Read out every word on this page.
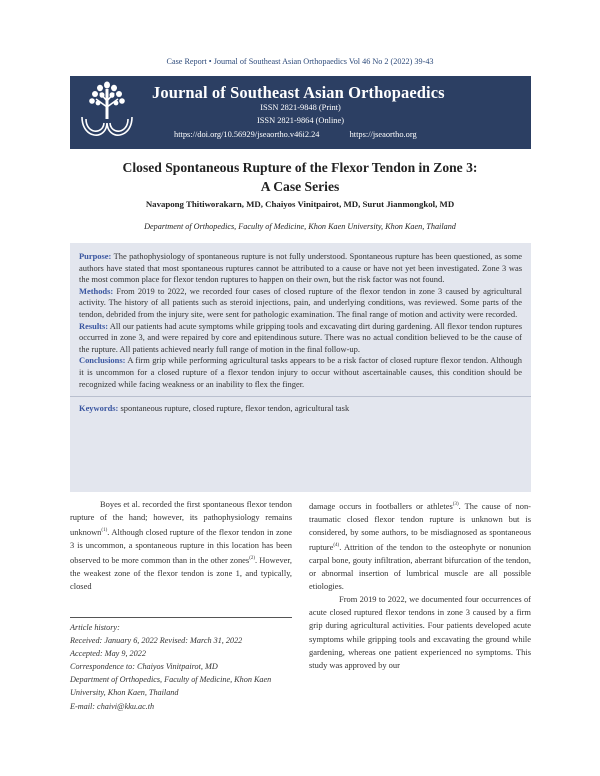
Case Report • Journal of Southeast Asian Orthopaedics Vol 46 No 2 (2022) 39-43
Journal of Southeast Asian Orthopaedics
ISSN 2821-9848 (Print)
ISSN 2821-9864 (Online)
https://doi.org/10.56929/jseaortho.v46i2.24	https://jseaortho.org
Closed Spontaneous Rupture of the Flexor Tendon in Zone 3:
A Case Series
Navapong Thitiworakarn, MD, Chaiyos Vinitpairot, MD, Surut Jianmongkol, MD
Department of Orthopedics, Faculty of Medicine, Khon Kaen University, Khon Kaen, Thailand

Purpose: The pathophysiology of spontaneous rupture is not fully understood. Spontaneous rupture has been questioned, as some authors have stated that most spontaneous ruptures cannot be attributed to a cause or have not yet been investigated. Zone 3 was the most common place for flexor tendon ruptures to happen on their own, but the risk factor was not found.

Methods: From 2019 to 2022, we recorded four cases of closed rupture of the flexor tendon in zone 3 caused by agricultural activity. The history of all patients such as steroid injections, pain, and underlying conditions, was reviewed. Some parts of the tendon, debrided from the injury site, were sent for pathologic examination. The final range of motion and activity were recorded.

Results: All our patients had acute symptoms while gripping tools and excavating dirt during gardening. All flexor tendon ruptures occurred in zone 3, and were repaired by core and epitendinous suture. There was no actual condition believed to be the cause of the rupture. All patients achieved nearly full range of motion in the final follow-up.

Conclusions: A firm grip while performing agricultural tasks appears to be a risk factor of closed rupture flexor tendon. Although it is uncommon for a closed rupture of a flexor tendon injury to occur without ascertainable causes, this condition should be recognized while facing weakness or an inability to flex the finger.

Keywords: spontaneous rupture, closed rupture, flexor tendon, agricultural task

Boyes et al. recorded the first spontaneous flexor tendon rupture of the hand; however, its pathophysiology remains unknown$^{(1)}$. Although closed rupture of the flexor tendon in zone 3 is uncommon, a spontaneous rupture in this location has been observed to be more common than in the other zones$^{(2)}$. However, the weakest zone of the flexor tendon is zone 1, and typically, closed

Article history:
Received: January 6, 2022 Revised: March 31, 2022
Accepted: May 9, 2022
Correspondence to: Chaiyos Vinitpairot, MD
Department of Orthopedics, Faculty of Medicine, Khon Kaen University, Khon Kaen, Thailand
E-mail: chaivi@kku.ac.th

damage occurs in footballers or athletes$^{(3)}$. The cause of non-traumatic closed flexor tendon rupture is unknown but is considered, by some authors, to be misdiagnosed as spontaneous rupture$^{(4)}$. Attrition of the tendon to the osteophyte or nonunion carpal bone, gouty infiltration, aberrant bifurcation of the tendon, or abnormal insertion of lumbrical muscle are all possible etiologies.

From 2019 to 2022, we documented four occurrences of acute closed ruptured flexor tendons in zone 3 caused by a firm grip during agricultural activities. Four patients developed acute symptoms while gripping tools and excavating the ground while gardening, whereas one patient experienced no symptoms. This study was approved by our
